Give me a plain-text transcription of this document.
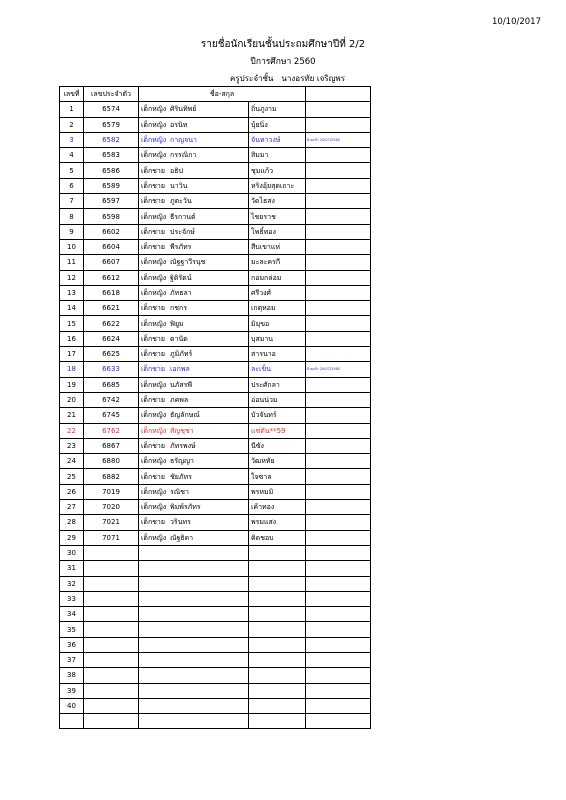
10/10/2017
รายชื่อนักเรียนชั้นประถมศึกษาปีที่ 2/2
ปีการศึกษา 2560
ครูประจำชั้น นางอรทัย เจริญพร
เลขที่	เลขประจำตัว	ชื่อ-สกุล		
1	6574	เด็กหญิง ศิรินทิพย์	ถิ่นภูงาม	
2	6579	เด็กหญิง อรนิท	บุ้ยนิ่ง	
3	6582	เด็กหญิง กาญจนา	จันทาวงษ์	ย้ายเข้า 20/07/2560
4	6583	เด็กหญิง กรรณิกา	สิมมา	
5	6586	เด็กชาย อธิป	ชุมแก้ว	
6	6589	เด็กชาย นาวิน	หริงอุ้ยสุดเถาะ	
7	6597	เด็กชาย ภูตะวัน	วัดไธสง	
8	6598	เด็กหญิง ธีรกานต์	ไชยราช	
9	6602	เด็กชาย ประจักษ์	โพธิ์ทอง	
10	6604	เด็กชาย พีรภัทร	สีบเขาแห่	
11	6607	เด็กหญิง ณัฐฐาวีรนุช	มะละครกี	
12	6612	เด็กหญิง ฐิติรัตน์	กอมกล่อม	
13	6618	เด็กหญิง ภัทธลา	ศรีวงศ์	
14	6621	เด็กชาย กชกร	เกตุหอม	
15	6622	เด็กหญิง ฟิยูม	มิมุขอ	
16	6624	เด็กชาย ดานัด	บุสมาน	
17	6625	เด็กชาย ภูมิภัทร์	สารนาอ	
18	6633	เด็กชาย เอกพล	ละเข็น	ย้ายเข้า 20/07/2560
19	6685	เด็กหญิง นภัสรพี	ประศักลา	
20	6742	เด็กชาย ภคพล	อ่อนน่วม	
21	6745	เด็กหญิง ธัญลักษณ์	บัวจันทร์	
22	6762	เด็กหญิง สัญชุชา	แซ่ตัน**59	
23	6867	เด็กชาย ภัทรพงษ์	นีซัง	
24	6880	เด็กหญิง ธรัญญา	วัฒหทัย	
25	6882	เด็กชาย ชัยภัทร	ใจซาล	
26	7019	เด็กหญิง รณิชา	พรหมมิ	
27	7020	เด็กหญิง พิมพ์รภัทร	เค้าทอง	
28	7021	เด็กชาย วรินทร	พรมแสง	
29	7071	เด็กหญิง ณัฐธิดา	คิดชอบ	
30				
31				
32				
33				
34				
35				
36				
37				
38				
39				
40				
